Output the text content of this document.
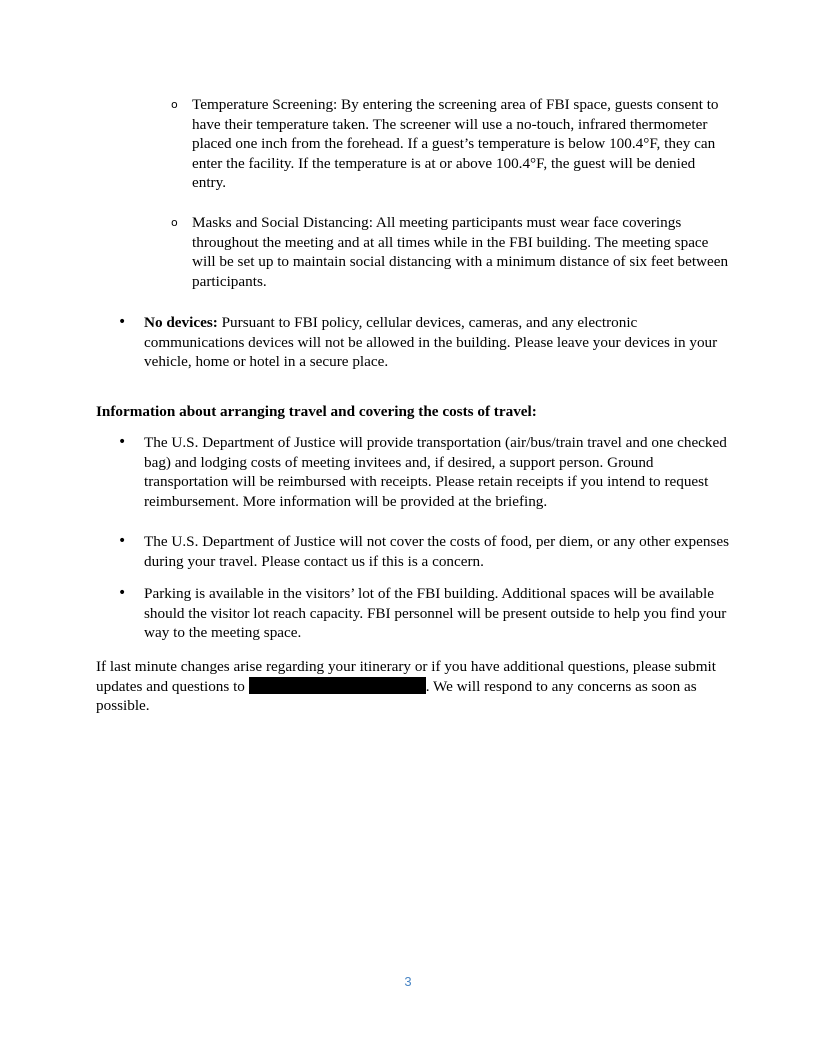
o Temperature Screening: By entering the screening area of FBI space, guests consent to have their temperature taken. The screener will use a no-touch, infrared thermometer placed one inch from the forehead. If a guest’s temperature is below 100.4°F, they can enter the facility. If the temperature is at or above 100.4°F, the guest will be denied entry.
o Masks and Social Distancing: All meeting participants must wear face coverings throughout the meeting and at all times while in the FBI building. The meeting space will be set up to maintain social distancing with a minimum distance of six feet between participants.
• No devices: Pursuant to FBI policy, cellular devices, cameras, and any electronic communications devices will not be allowed in the building. Please leave your devices in your vehicle, home or hotel in a secure place.
Information about arranging travel and covering the costs of travel:
• The U.S. Department of Justice will provide transportation (air/bus/train travel and one checked bag) and lodging costs of meeting invitees and, if desired, a support person. Ground transportation will be reimbursed with receipts. Please retain receipts if you intend to request reimbursement. More information will be provided at the briefing.
• The U.S. Department of Justice will not cover the costs of food, per diem, or any other expenses during your travel. Please contact us if this is a concern.
• Parking is available in the visitors’ lot of the FBI building. Additional spaces will be available should the visitor lot reach capacity. FBI personnel will be present outside to help you find your way to the meeting space.
If last minute changes arise regarding your itinerary or if you have additional questions, please submit updates and questions to	. We will respond to any concerns as soon as possible.
3
